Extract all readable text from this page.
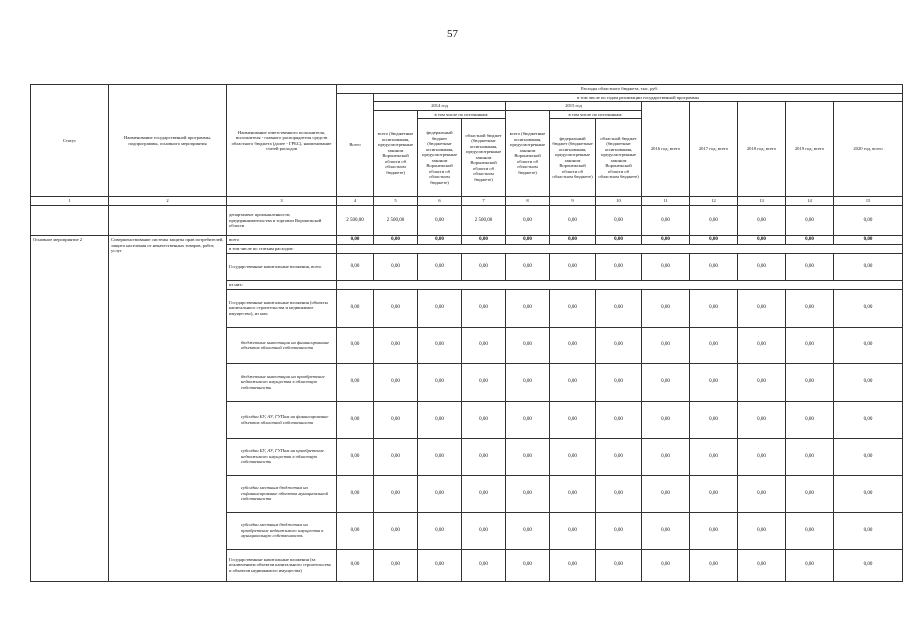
57
Статус	Наименование государственной программы, подпрограммы, основного мероприятия	Наименование ответственного исполнителя, исполнителя - главного распорядителя средств областного бюджета (далее - ГРБС), наименование статей расходов	Расходы областного бюджета, тыс. руб.											
			Всего	в том числе по годам реализации государственной программы										
				2014 год			2015 год			2016 год, всего	2017 год, всего	2018 год, всего	2019 год, всего	2020 год, всего
				всего (бюджетные ассигнования, предусмотренные законом Воронежской области об областном бюджете)	в том числе по источникам:		всего (бюджетные ассигнования, предусмотренные законом Воронежской области об областном бюджете)	в том числе по источникам:						
					федеральный бюджет (бюджетные ассигнования, предусмотренные законом Воронежской области об областном бюджете)	областной бюджет (бюджетные ассигнования, предусмотренные законом Воронежской области об областном бюджете)		федеральный бюджет (бюджетные ассигнования, предусмотренные законом Воронежской области об областном бюджете)	областной бюджет (бюджетные ассигнования, предусмотренные законом Воронежской области об областном бюджете)					
1	2	3	4	5	6	7	8	9	10	11	12	13	14	15
		департамент промышленности, предпринимательства и торговли Воронежской области	2 500,00	2 500,00	0,00	2 500,00	0,00	0,00	0,00	0,00	0,00	0,00	0,00	0,00
Основное мероприятие 2	Совершенствование системы защиты прав потребителей, защита населения от некачественных товаров, работ, услуг	всего	0,00	0,00	0,00	0,00	0,00	0,00	0,00	0,00	0,00	0,00	0,00	0,00
		в том числе по статьям расходов:												
		Государственные капитальные вложения, всего	0,00	0,00	0,00	0,00	0,00	0,00	0,00	0,00	0,00	0,00	0,00	0,00
		из них:												
		Государственные капитальные вложения (объекты капитального строительства и недвижимое имущество), из них:	0,00	0,00	0,00	0,00	0,00	0,00	0,00	0,00	0,00	0,00	0,00	0,00
		бюджетные инвестиции на финансирование объектов областной собственности	0,00	0,00	0,00	0,00	0,00	0,00	0,00	0,00	0,00	0,00	0,00	0,00
		бюджетные инвестиции на приобретение недвижимого имущества в областную собственность	0,00	0,00	0,00	0,00	0,00	0,00	0,00	0,00	0,00	0,00	0,00	0,00
		субсидии БУ, АУ, ГУПам на финансирование объектов областной собственности	0,00	0,00	0,00	0,00	0,00	0,00	0,00	0,00	0,00	0,00	0,00	0,00
		субсидии БУ, АУ, ГУПам на приобретение недвижимого имущества в областную собственность	0,00	0,00	0,00	0,00	0,00	0,00	0,00	0,00	0,00	0,00	0,00	0,00
		субсидии местным бюджетам на софинансирование объектов муниципальной собственности	0,00	0,00	0,00	0,00	0,00	0,00	0,00	0,00	0,00	0,00	0,00	0,00
		субсидии местным бюджетам на приобретение недвижимого имущества в муниципальную собственность	0,00	0,00	0,00	0,00	0,00	0,00	0,00	0,00	0,00	0,00	0,00	0,00
		Государственные капитальные вложения (за исключением объектов капитального строительства и объектов недвижимого имущества)	0,00	0,00	0,00	0,00	0,00	0,00	0,00	0,00	0,00	0,00	0,00	0,00
